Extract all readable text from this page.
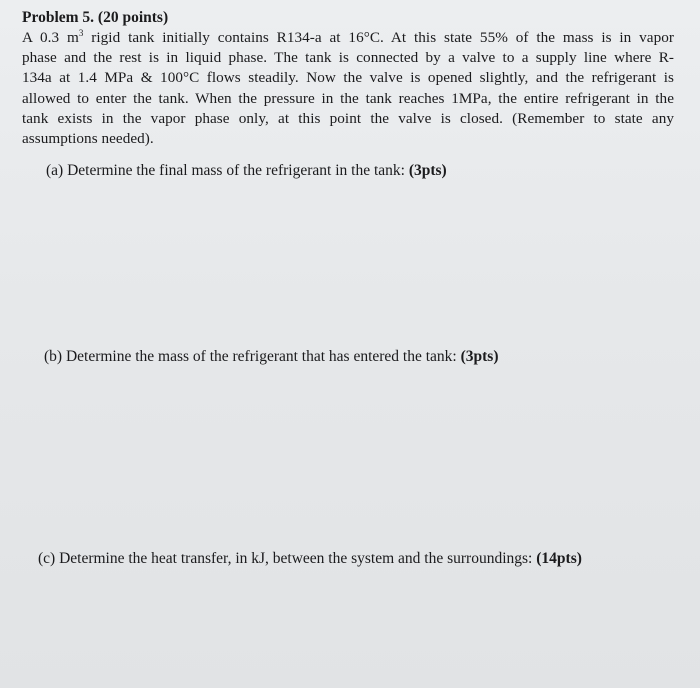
Problem 5. (20 points)
A 0.3 $m^3$ rigid tank initially contains R134-a at 16°C. At this state 55% of the mass is in vapor
phase and the rest is in liquid phase. The tank is connected by a valve to a supply line where R-
134a at 1.4 MPa & 100°C flows steadily. Now the valve is opened slightly, and the refrigerant is
allowed to enter the tank. When the pressure in the tank reaches 1MPa, the entire refrigerant in the
tank exists in the vapor phase only, at this point the valve is closed. (Remember to state any
assumptions needed).
(a) Determine the final mass of the refrigerant in the tank: (3pts)
(b) Determine the mass of the refrigerant that has entered the tank: (3pts)
(c) Determine the heat transfer, in kJ, between the system and the surroundings: (14pts)
